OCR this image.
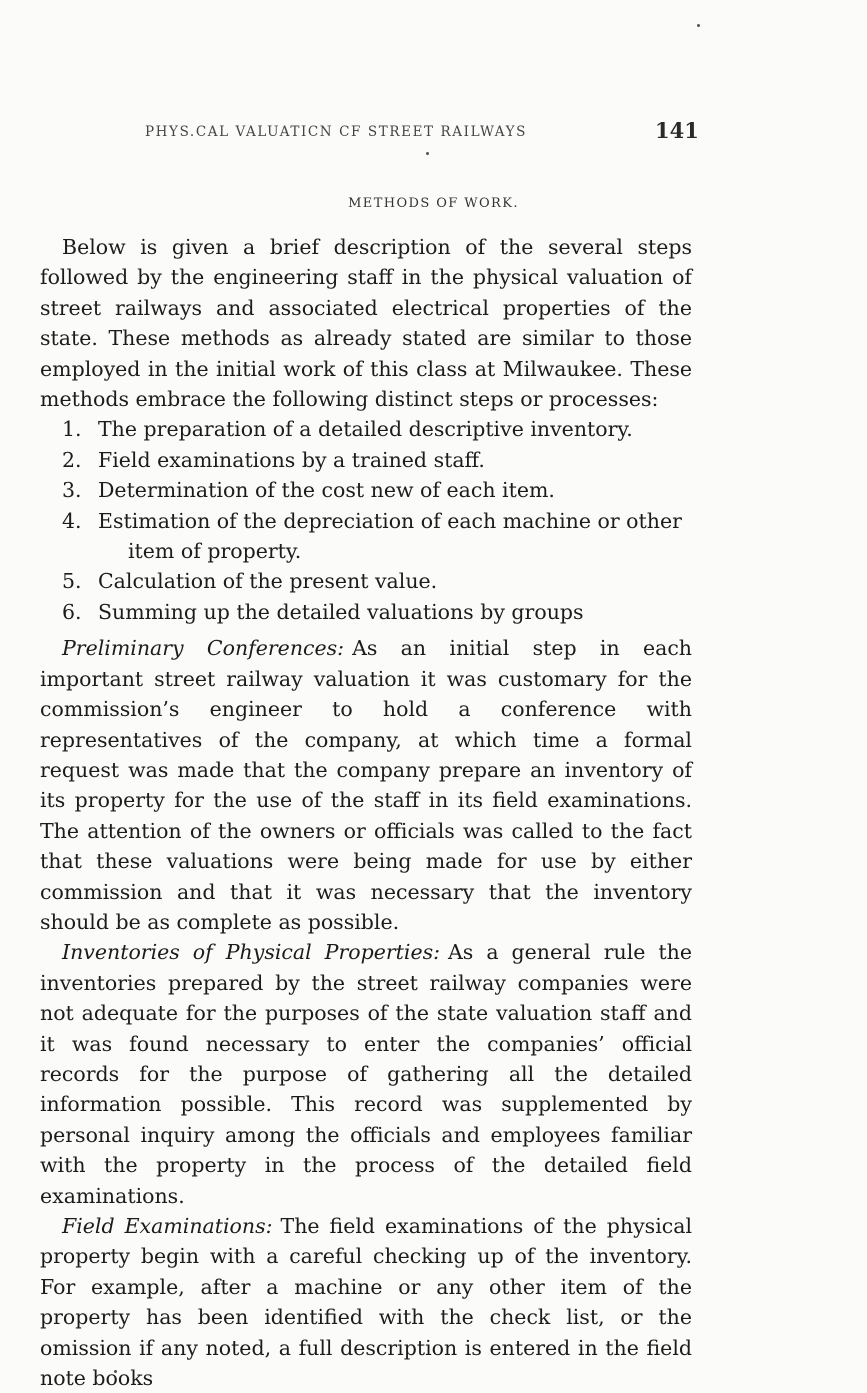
PHYS.CAL VALUATICN CF STREET RAILWAYS	141
METHODS OF WORK.

Below is given a brief description of the several steps followed by the engineering staff in the physical valuation of street railways and associated electrical properties of the state. These methods as already stated are similar to those employed in the initial work of this class at Milwaukee. These methods embrace the following distinct steps or processes:

1. The preparation of a detailed descriptive inventory.
2. Field examinations by a trained staff.
3. Determination of the cost new of each item.
4. Estimation of the depreciation of each machine or other item of property.
5. Calculation of the present value.
6. Summing up the detailed valuations by groups

Preliminary Conferences: As an initial step in each important street railway valuation it was customary for the commission’s engineer to hold a conference with representatives of the company, at which time a formal request was made that the company prepare an inventory of its property for the use of the staff in its field examinations. The attention of the owners or officials was called to the fact that these valuations were being made for use by either commission and that it was necessary that the inventory should be as complete as possible.

Inventories of Physical Properties: As a general rule the inventories prepared by the street railway companies were not adequate for the purposes of the state valuation staff and it was found necessary to enter the companies’ official records for the purpose of gathering all the detailed information possible. This record was supplemented by personal inquiry among the officials and employees familiar with the property in the process of the detailed field examinations.

Field Examinations: The field examinations of the physical property begin with a careful checking up of the inventory. For example, after a machine or any other item of the property has been identified with the check list, or the omission if any noted, a full description is entered in the field note books
